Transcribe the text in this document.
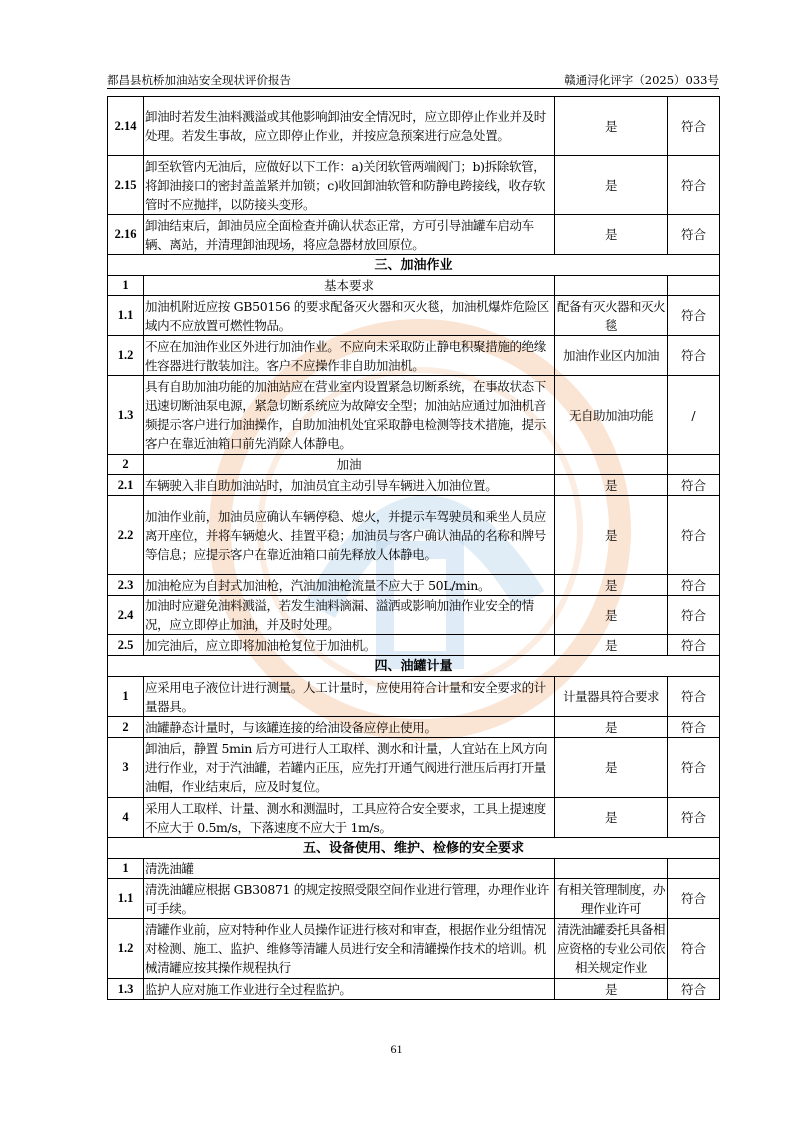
都昌县杭桥加油站安全现状评价报告	赣通浔化评字（2025）033号
2.14	卸油时若发生油料溅溢或其他影响卸油安全情况时，应立即停止作业并及时处理。若发生事故，应立即停止作业，并按应急预案进行应急处置。	是	符合
2.15	卸至软管内无油后，应做好以下工作：a)关闭软管两端阀门；b)拆除软管，将卸油接口的密封盖盖紧并加锁；c)收回卸油软管和防静电跨接线，收存软管时不应抛拌，以防接头变形。	是	符合
2.16	卸油结束后，卸油员应全面检查并确认状态正常，方可引导油罐车启动车辆、离站，并清理卸油现场，将应急器材放回原位。	是	符合
三、加油作业			
1	基本要求		
1.1	加油机附近应按 GB50156 的要求配备灭火器和灭火毯，加油机爆炸危险区域内不应放置可燃性物品。	配备有灭火器和灭火毯	符合
1.2	不应在加油作业区外进行加油作业。不应向未采取防止静电积聚措施的绝缘性容器进行散装加注。客户不应操作非自助加油机。	加油作业区内加油	符合
1.3	具有自助加油功能的加油站应在营业室内设置紧急切断系统，在事故状态下迅速切断油泵电源，紧急切断系统应为故障安全型；加油站应通过加油机音频提示客户进行加油操作，自助加油机处宜采取静电检测等技术措施，提示客户在靠近油箱口前先消除人体静电。	无自助加油功能	/
2	加油		
2.1	车辆驶入非自助加油站时，加油员宜主动引导车辆进入加油位置。	是	符合
2.2	加油作业前，加油员应确认车辆停稳、熄火，并提示车驾驶员和乘坐人员应离开座位，并将车辆熄火、挂置平稳；加油员与客户确认油品的名称和牌号等信息；应提示客户在靠近油箱口前先释放人体静电。	是	符合
2.3	加油枪应为自封式加油枪，汽油加油枪流量不应大于 50L/min。	是	符合
2.4	加油时应避免油料溅溢，若发生油料滴漏、溢洒或影响加油作业安全的情况，应立即停止加油，并及时处理。	是	符合
2.5	加完油后，应立即将加油枪复位于加油机。	是	符合
四、油罐计量			
1	应采用电子液位计进行测量。人工计量时，应使用符合计量和安全要求的计量器具。	计量器具符合要求	符合
2	油罐静态计量时，与该罐连接的给油设备应停止使用。	是	符合
3	卸油后，静置 5min 后方可进行人工取样、测水和计量，人宜站在上风方向进行作业，对于汽油罐，若罐内正压，应先打开通气阀进行泄压后再打开量油帽，作业结束后，应及时复位。	是	符合
4	采用人工取样、计量、测水和测温时，工具应符合安全要求，工具上提速度不应大于 0.5m/s，下落速度不应大于 1m/s。	是	符合
五、设备使用、维护、检修的安全要求			
1	清洗油罐		
1.1	清洗油罐应根据 GB30871 的规定按照受限空间作业进行管理，办理作业许可手续。	有相关管理制度，办理作业许可	符合
1.2	清罐作业前，应对特种作业人员操作证进行核对和审查，根据作业分组情况对检测、施工、监护、维修等清罐人员进行安全和清罐操作技术的培训。机械清罐应按其操作规程执行	清洗油罐委托具备相应资格的专业公司依相关规定作业	符合
1.3	监护人应对施工作业进行全过程监护。	是	符合
61
